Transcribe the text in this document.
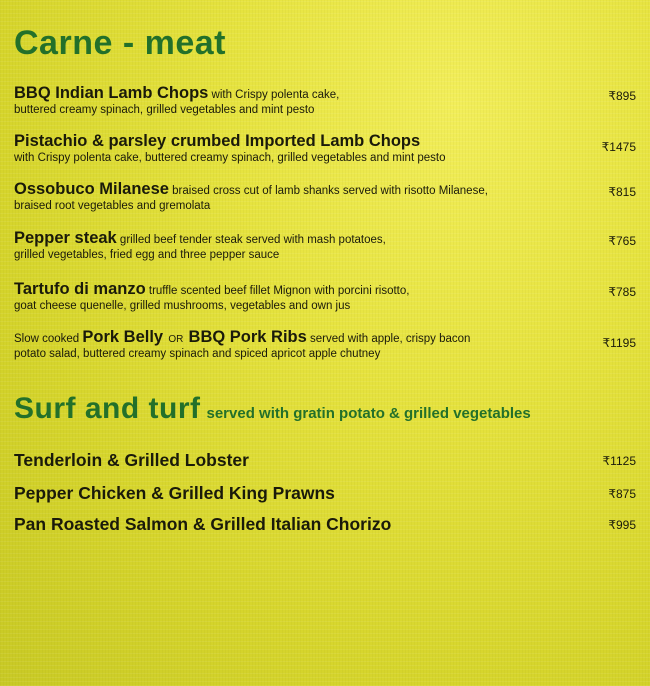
Carne - meat
BBQ Indian Lamb Chops with Crispy polenta cake,
buttered creamy spinach, grilled vegetables and mint pesto
₹895
Pistachio & parsley crumbed Imported Lamb Chops
with Crispy polenta cake, buttered creamy spinach, grilled vegetables and mint pesto
₹1475
Ossobuco Milanese braised cross cut of lamb shanks served with risotto Milanese,
braised root vegetables and gremolata
₹815
Pepper steak grilled beef tender steak served with mash potatoes,
grilled vegetables, fried egg and three pepper sauce
₹765
Tartufo di manzo truffle scented beef fillet Mignon with porcini risotto,
goat cheese quenelle, grilled mushrooms, vegetables and own jus
₹785
Slow cooked Pork Belly OR BBQ Pork Ribs served with apple, crispy bacon
potato salad, buttered creamy spinach and spiced apricot apple chutney
₹1195
Surf and turf served with gratin potato & grilled vegetables
Tenderloin & Grilled Lobster	₹1125
Pepper Chicken & Grilled King Prawns	₹875
Pan Roasted Salmon & Grilled Italian Chorizo	₹995
